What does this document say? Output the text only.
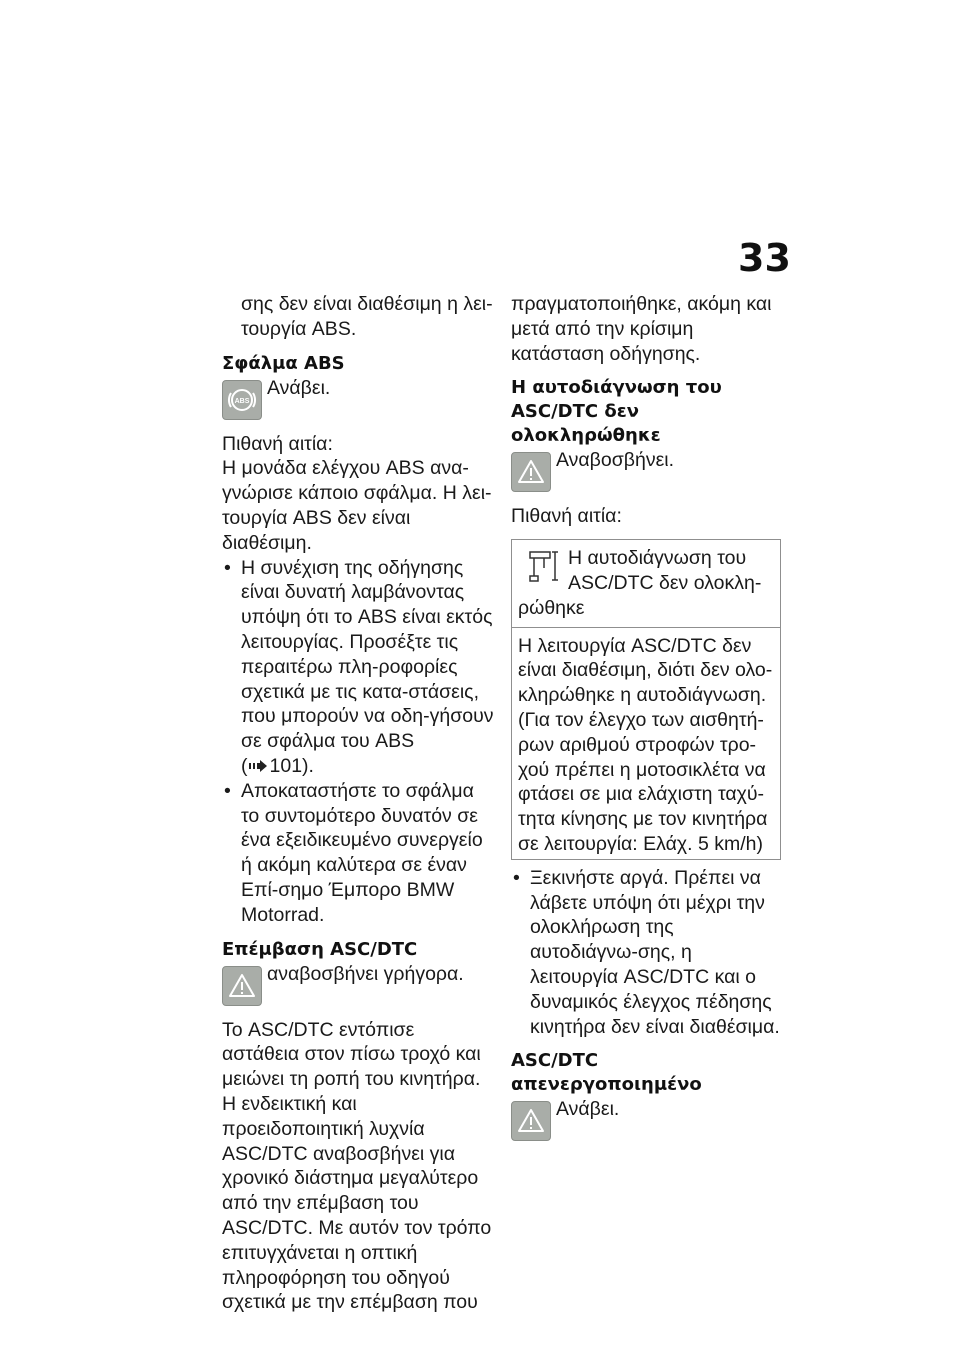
33

σης δεν είναι διαθέσιμη η λει-τουργία ABS.

Σφάλμα ABS
ABS
Ανάβει.

Πιθανή αιτία:

Η μονάδα ελέγχου ABS ανα-γνώρισε κάποιο σφάλμα. Η λει-τουργία ABS δεν είναι διαθέσιμη.

• Η συνέχιση της οδήγησης είναι δυνατή λαμβάνοντας υπόψη ότι το ABS είναι εκτός λειτουργίας. Προσέξτε τις περαιτέρω πλη-ροφορίες σχετικά με τις κατα-στάσεις, που μπορούν να οδη-γήσουν σε σφάλμα του ABS
( 101).
• Αποκαταστήστε το σφάλμα το συντομότερο δυνατόν σε ένα εξειδικευμένο συνεργείο ή ακόμη καλύτερα σε έναν Επί-σημο Έμπορο BMW Motorrad.
Επέμβαση ASC/DTC
αναβοσβήνει γρήγορα.

Το ASC/DTC εντόπισε αστάθεια στον πίσω τροχό και μειώνει τη ροπή του κινητήρα. Η ενδεικτική και προειδοποιητική λυχνία ASC/DTC αναβοσβήνει για χρονικό διάστημα μεγαλύτερο από την επέμβαση του ASC/DTC. Με αυτόν τον τρόπο επιτυγχάνεται η οπτική πληροφόρηση του οδηγού σχετικά με την επέμβαση που

πραγματοποιήθηκε, ακόμη και μετά από την κρίσιμη κατάσταση οδήγησης.

Η αυτοδιάγνωση του ASC/DTC δεν ολοκληρώθηκε
Αναβοσβήνει.

Πιθανή αιτία:

Η αυτοδιάγνωση του ASC/DTC δεν ολοκλη-ρώθηκε
Η λειτουργία ASC/DTC δεν είναι διαθέσιμη, διότι δεν ολο-κληρώθηκε η αυτοδιάγνωση. (Για τον έλεγχο των αισθητή-ρων αριθμού στροφών τρο-χού πρέπει η μοτοσικλέτα να φτάσει σε μια ελάχιστη ταχύ-τητα κίνησης με τον κινητήρα σε λειτουργία: Ελάχ. 5 km/h)
• Ξεκινήστε αργά. Πρέπει να λάβετε υπόψη ότι μέχρι την ολοκλήρωση της αυτοδιάγνω-σης, η λειτουργία ASC/DTC και ο δυναμικός έλεγχος πέδησης κινητήρα δεν είναι διαθέσιμα.
ASC/DTC απενεργοποιημένο
Ανάβει.
